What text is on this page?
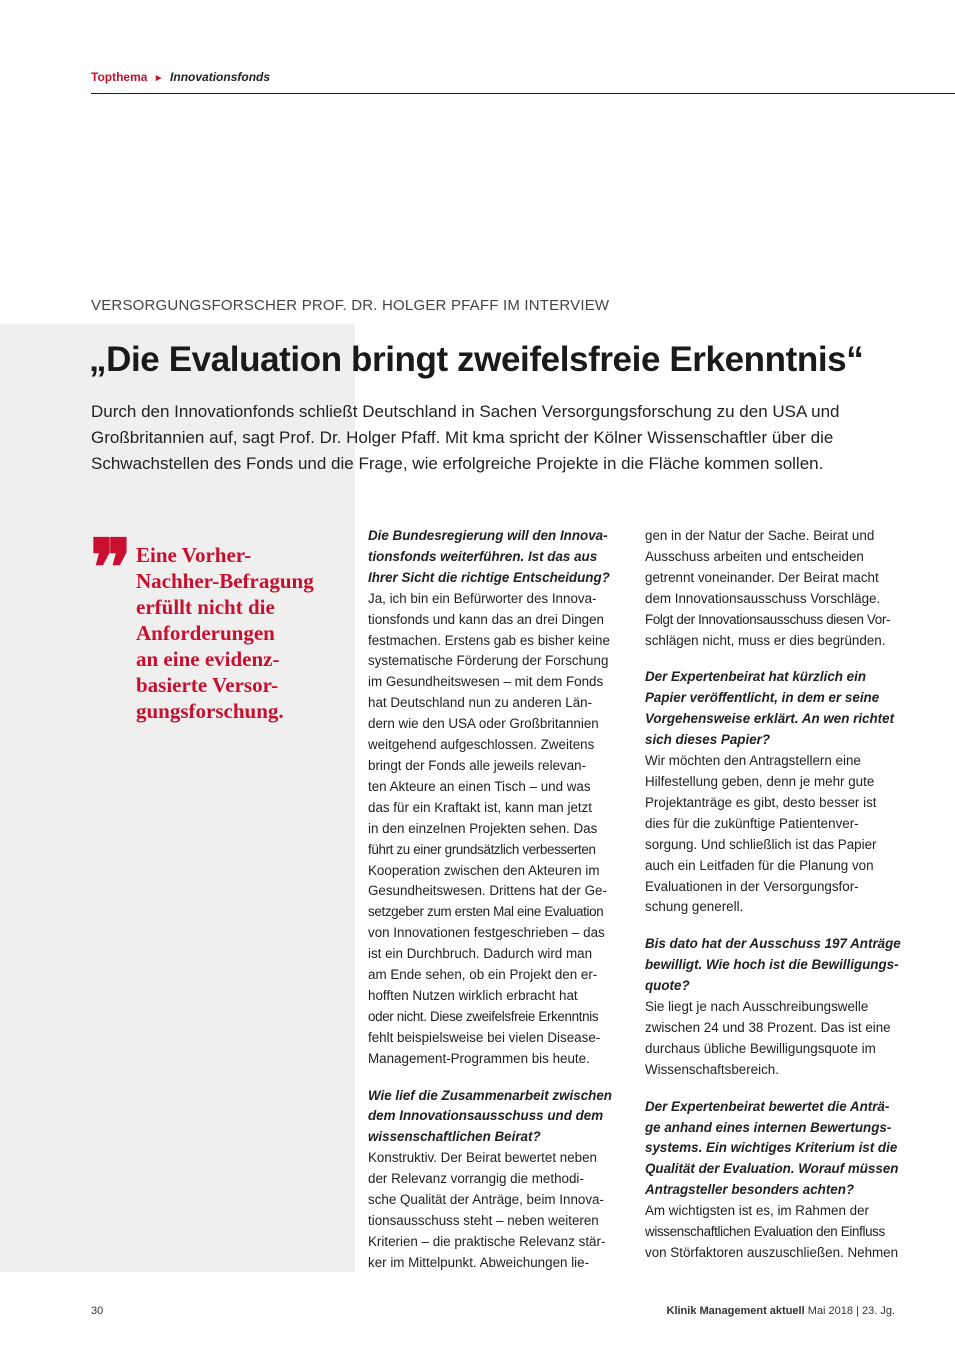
Topthema ► Innovationsfonds
VERSORGUNGSFORSCHER PROF. DR. HOLGER PFAFF IM INTERVIEW
„Die Evaluation bringt zweifelsfreie Erkenntnis“

Durch den Innovationfonds schließt Deutschland in Sachen Versorgungsforschung zu den USA und Großbritannien auf, sagt Prof. Dr. Holger Pfaff. Mit kma spricht der Kölner Wissenschaftler über die Schwachstellen des Fonds und die Frage, wie erfolgreiche Projekte in die Fläche kommen sollen.

❞ Eine Vorher-
Nachher-Befragung
erfüllt nicht die
Anforderungen
an eine evidenz-
basierte Versor-
gungsforschung.
Die Bundesregierung will den Innova-
tionsfonds weiterführen. Ist das aus
Ihrer Sicht die richtige Entscheidung?
Ja, ich bin ein Befürworter des Innova-
tionsfonds und kann das an drei Dingen
festmachen. Erstens gab es bisher keine
systematische Förderung der Forschung
im Gesundheitswesen – mit dem Fonds
hat Deutschland nun zu anderen Län-
dern wie den USA oder Großbritannien
weitgehend aufgeschlossen. Zweitens
bringt der Fonds alle jeweils relevan-
ten Akteure an einen Tisch – und was
das für ein Kraftakt ist, kann man jetzt
in den einzelnen Projekten sehen. Das
führt zu einer grundsätzlich verbesserten
Kooperation zwischen den Akteuren im
Gesundheitswesen. Drittens hat der Ge-
setzgeber zum ersten Mal eine Evaluation
von Innovationen festgeschrieben – das
ist ein Durchbruch. Dadurch wird man
am Ende sehen, ob ein Projekt den er-
hofften Nutzen wirklich erbracht hat
oder nicht. Diese zweifelsfreie Erkenntnis
fehlt beispielsweise bei vielen Disease-
Management-Programmen bis heute.
Wie lief die Zusammenarbeit zwischen
dem Innovationsausschuss und dem
wissenschaftlichen Beirat?
Konstruktiv. Der Beirat bewertet neben
der Relevanz vorrangig die methodi-
sche Qualität der Anträge, beim Innova-
tionsausschuss steht – neben weiteren
Kriterien – die praktische Relevanz stär-
ker im Mittelpunkt. Abweichungen lie-
gen in der Natur der Sache. Beirat und
Ausschuss arbeiten und entscheiden
getrennt voneinander. Der Beirat macht
dem Innovationsausschuss Vorschläge.
Folgt der Innovationsausschuss diesen Vor-
schlägen nicht, muss er dies begründen.
Der Expertenbeirat hat kürzlich ein
Papier veröffentlicht, in dem er seine
Vorgehensweise erklärt. An wen richtet
sich dieses Papier?
Wir möchten den Antragstellern eine
Hilfestellung geben, denn je mehr gute
Projektanträge es gibt, desto besser ist
dies für die zukünftige Patientenver-
sorgung. Und schließlich ist das Papier
auch ein Leitfaden für die Planung von
Evaluationen in der Versorgungsfor-
schung generell.
Bis dato hat der Ausschuss 197 Anträge
bewilligt. Wie hoch ist die Bewilligungs-
quote?
Sie liegt je nach Ausschreibungswelle
zwischen 24 und 38 Prozent. Das ist eine
durchaus übliche Bewilligungsquote im
Wissenschaftsbereich.
Der Expertenbeirat bewertet die Anträ-
ge anhand eines internen Bewertungs-
systems. Ein wichtiges Kriterium ist die
Qualität der Evaluation. Worauf müssen
Antragsteller besonders achten?
Am wichtigsten ist es, im Rahmen der
wissenschaftlichen Evaluation den Einfluss
von Störfaktoren auszuschließen. Nehmen
30	Klinik Management aktuell Mai 2018 | 23. Jg.
